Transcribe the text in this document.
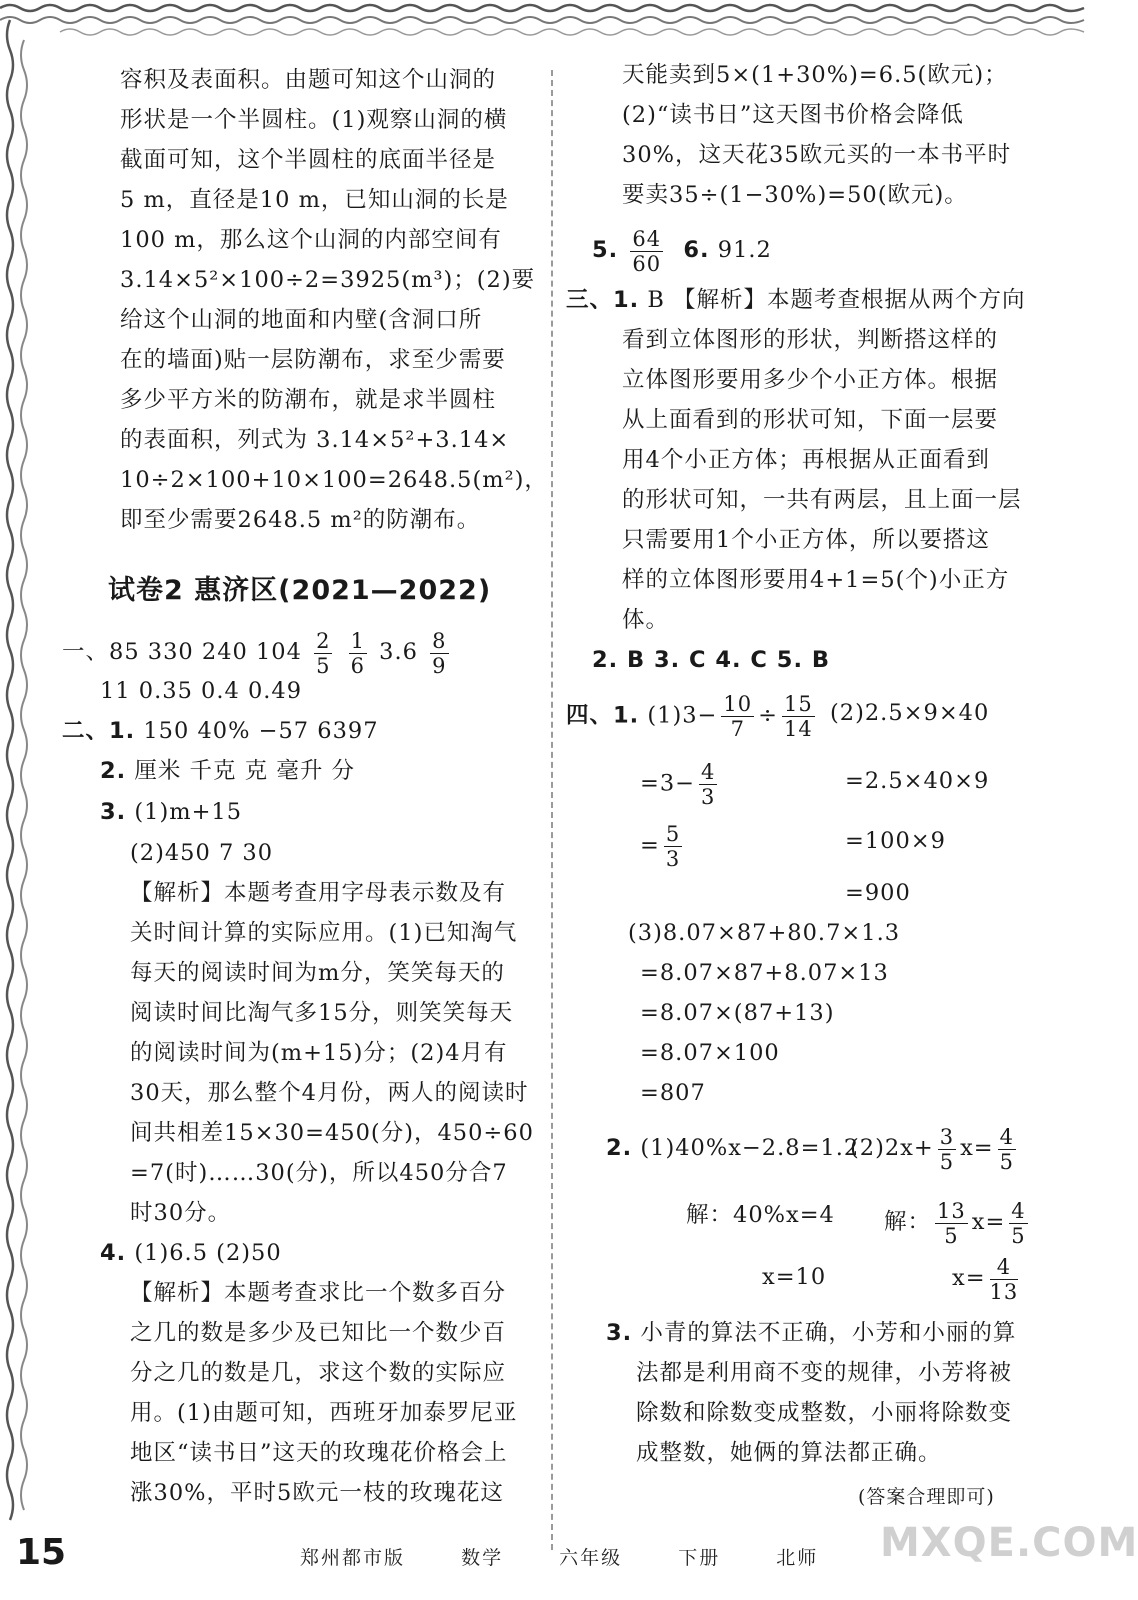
容积及表面积。由题可知这个山洞的
形状是一个半圆柱。(1)观察山洞的横
截面可知，这个半圆柱的底面半径是
5 m，直径是10 m，已知山洞的长是
100 m，那么这个山洞的内部空间有
3.14×5²×100÷2=3925(m³)；(2)要
给这个山洞的地面和内壁(含洞口所
在的墙面)贴一层防潮布，求至少需要
多少平方米的防潮布，就是求半圆柱
的表面积，列式为 3.14×5²+3.14×
10÷2×100+10×100=2648.5(m²)，
即至少需要2648.5 m²的防潮布。
试卷2 惠济区(2021—2022)
一、85 330 240 $104 \frac{2}{5}$
$\frac{1}{6} 3.6 \frac{8}{9}$
11 0.35 0.4 0.49
二、1. 150 40% −57 6397
2. 厘米 千克 克 毫升 分
3. (1)m+15
(2)450 7 30
【解析】本题考查用字母表示数及有
关时间计算的实际应用。(1)已知淘气
每天的阅读时间为m分，笑笑每天的
阅读时间比淘气多15分，则笑笑每天
的阅读时间为(m+15)分；(2)4月有
30天，那么整个4月份，两人的阅读时
间共相差15×30=450(分)，450÷60
=7(时)……30(分)，所以450分合7
时30分。
4. (1)6.5 (2)50
【解析】本题考查求比一个数多百分
之几的数是多少及已知比一个数少百
分之几的数是几，求这个数的实际应
用。(1)由题可知，西班牙加泰罗尼亚
地区“读书日”这天的玫瑰花价格会上
涨30%，平时5欧元一枝的玫瑰花这
天能卖到5×(1+30%)=6.5(欧元)；
(2)“读书日”这天图书价格会降低
30%，这天花35欧元买的一本书平时
要卖35÷(1−30%)=50(欧元)。
5. $\frac{64}{60} 6$. 91.2
三、1. B 【解析】本题考查根据从两个方向
看到立体图形的形状，判断搭这样的
立体图形要用多少个小正方体。根据
从上面看到的形状可知，下面一层要
用4个小正方体；再根据从正面看到
的形状可知，一共有两层，且上面一层
只需要用1个小正方体，所以要搭这
样的立体图形要用4+1=5(个)小正方
体。
2. B 3. C 4. C 5. B
四、1. $(1)3- \frac{10}{7} \div \frac{15}{14} (2)2.5\times 9\times 40$
$=3- \frac{4}{3}$	=2.5×40×9
= $\frac{5}{3}$	=100×9
=900
(3)8.07×87+80.7×1.3
=8.07×87+8.07×13
=8.07×(87+13)
=8.07×100
=807
2. (1)40%x−2.8=1.2
$(2)2x+ \frac{3}{5} x= \frac{4}{5}$
解：40%x=4 解： $\frac{13}{5} x= \frac{4}{5}$
x=10	$x= \frac{4}{13}$
3. 小青的算法不正确，小芳和小丽的算
法都是利用商不变的规律，小芳将被
除数和除数变成整数，小丽将除数变
成整数，她俩的算法都正确。
(答案合理即可)
15	郑州都市版	数学	六年级	下册	北师	MXQE.COM
